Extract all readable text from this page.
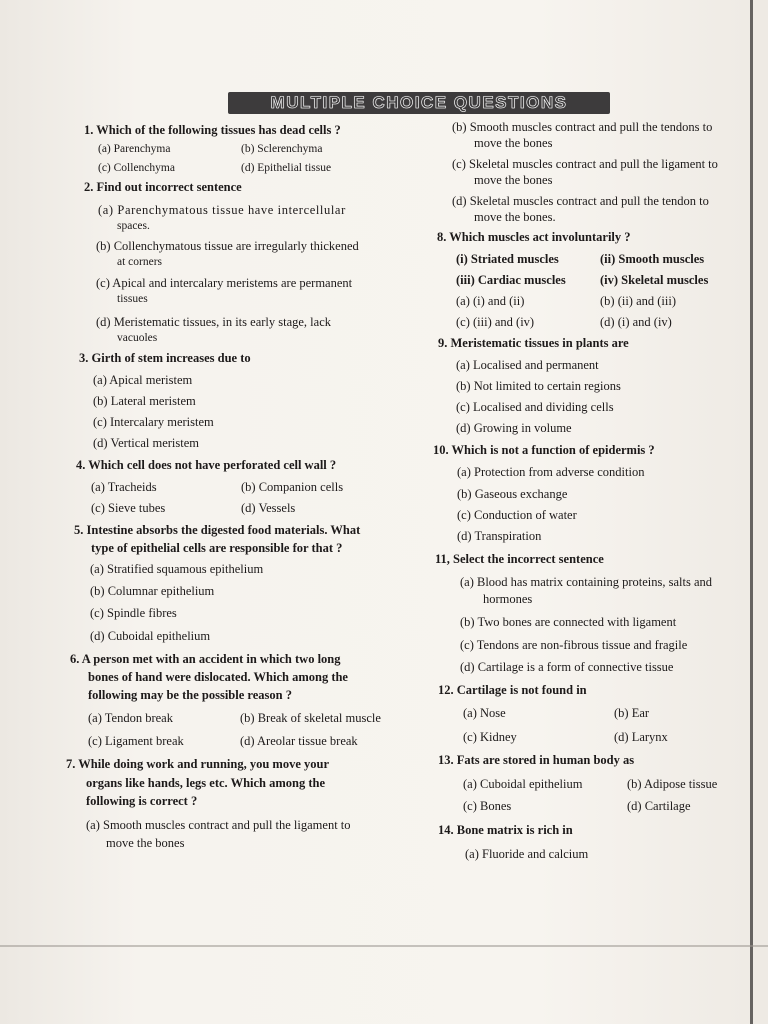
MULTIPLE CHOICE QUESTIONS
1. Which of the following tissues has dead cells ?
(a) Parenchyma	(b) Sclerenchyma
(c) Collenchyma	(d) Epithelial tissue
2. Find out incorrect sentence
(a) Parenchymatous tissue have intercellular
spaces.
(b) Collenchymatous tissue are irregularly thickened
at corners
(c) Apical and intercalary meristems are permanent
tissues
(d) Meristematic tissues, in its early stage, lack
vacuoles
3. Girth of stem increases due to
(a) Apical meristem
(b) Lateral meristem
(c) Intercalary meristem
(d) Vertical meristem
4. Which cell does not have perforated cell wall ?
(a) Tracheids	(b) Companion cells
(c) Sieve tubes	(d) Vessels
5. Intestine absorbs the digested food materials. What
type of epithelial cells are responsible for that ?
(a) Stratified squamous epithelium
(b) Columnar epithelium
(c) Spindle fibres
(d) Cuboidal epithelium
6. A person met with an accident in which two long
bones of hand were dislocated. Which among the
following may be the possible reason ?
(a) Tendon break	(b) Break of skeletal muscle
(c) Ligament break	(d) Areolar tissue break
7. While doing work and running, you move your
organs like hands, legs etc. Which among the
following is correct ?
(a) Smooth muscles contract and pull the ligament to
move the bones
(b) Smooth muscles contract and pull the tendons to
move the bones
(c) Skeletal muscles contract and pull the ligament to
move the bones
(d) Skeletal muscles contract and pull the tendon to
move the bones.
8. Which muscles act involuntarily ?
(i) Striated muscles	(ii) Smooth muscles
(iii) Cardiac muscles	(iv) Skeletal muscles
(a) (i) and (ii)	(b) (ii) and (iii)
(c) (iii) and (iv)	(d) (i) and (iv)
9. Meristematic tissues in plants are
(a) Localised and permanent
(b) Not limited to certain regions
(c) Localised and dividing cells
(d) Growing in volume
10. Which is not a function of epidermis ?
(a) Protection from adverse condition
(b) Gaseous exchange
(c) Conduction of water
(d) Transpiration
11, Select the incorrect sentence
(a) Blood has matrix containing proteins, salts and
hormones
(b) Two bones are connected with ligament
(c) Tendons are non-fibrous tissue and fragile
(d) Cartilage is a form of connective tissue
12. Cartilage is not found in
(a) Nose	(b) Ear
(c) Kidney	(d) Larynx
13. Fats are stored in human body as
(a) Cuboidal epithelium	(b) Adipose tissue
(c) Bones	(d) Cartilage
14. Bone matrix is rich in
(a) Fluoride and calcium
